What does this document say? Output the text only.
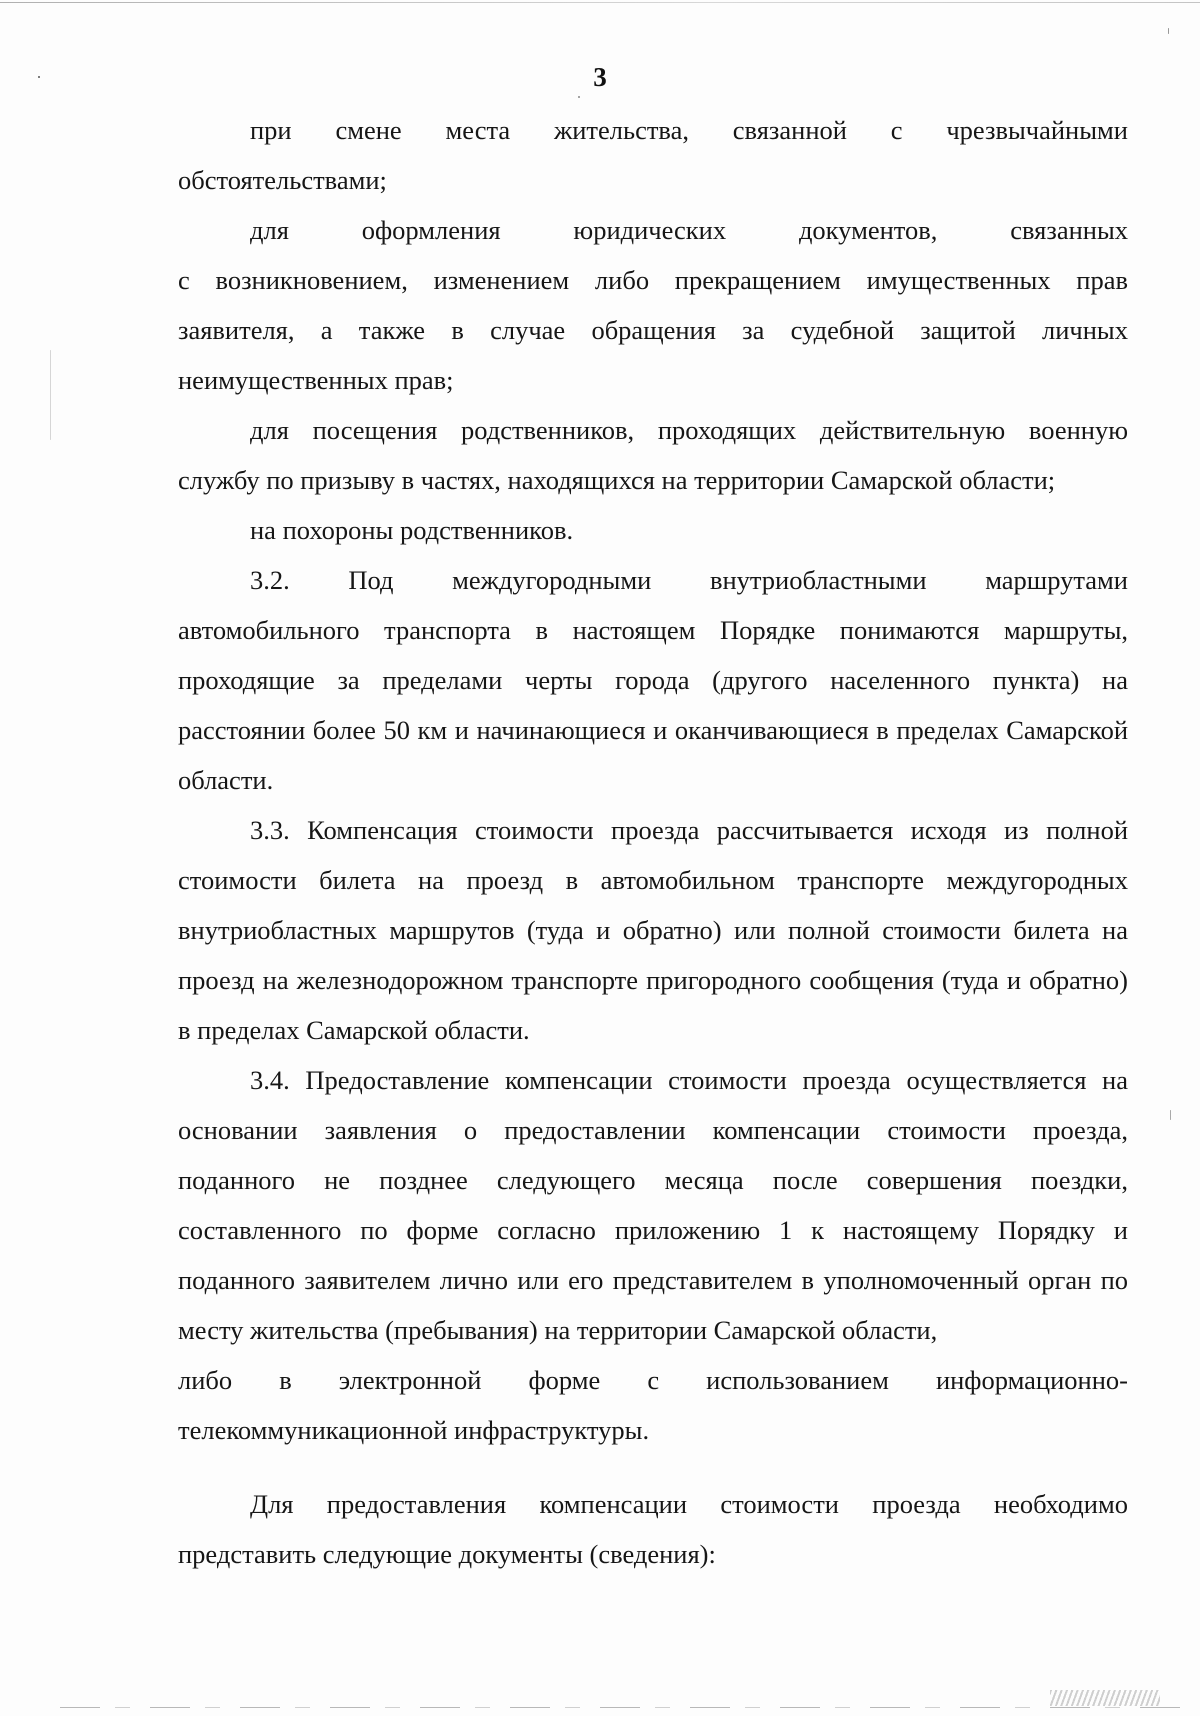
3
при смене места жительства, связанной с чрезвычайными
обстоятельствами;
для	оформления	юридических	документов,	связанных

с возникновением, изменением либо прекращением имущественных прав заявителя, а также в случае обращения за судебной защитой личных неимущественных прав;

для посещения родственников, проходящих действительную военную службу по призыву в частях, находящихся на территории Самарской области;

на похороны родственников.

3.2. Под междугородными внутриобластными маршрутами

автомобильного транспорта в настоящем Порядке понимаются маршруты, проходящие за пределами черты города (другого населенного пункта) на расстоянии более 50 км и начинающиеся и оканчивающиеся в пределах Самарской области.

3.3. Компенсация стоимости проезда рассчитывается исходя из полной стоимости билета на проезд в автомобильном транспорте междугородных внутриобластных маршрутов (туда и обратно) или полной стоимости билета на проезд на железнодорожном транспорте пригородного сообщения (туда и обратно) в пределах Самарской области.

3.4. Предоставление компенсации стоимости проезда осуществляется на основании заявления о предоставлении компенсации стоимости проезда, поданного не позднее следующего месяца после совершения поездки, составленного по форме согласно приложению 1 к настоящему Порядку и поданного заявителем лично или его представителем в уполномоченный орган по месту жительства (пребывания) на территории Самарской области,

либо в электронной форме с использованием информационно-
телекоммуникационной инфраструктуры.
Для предоставления компенсации стоимости проезда необходимо
представить следующие документы (сведения):
